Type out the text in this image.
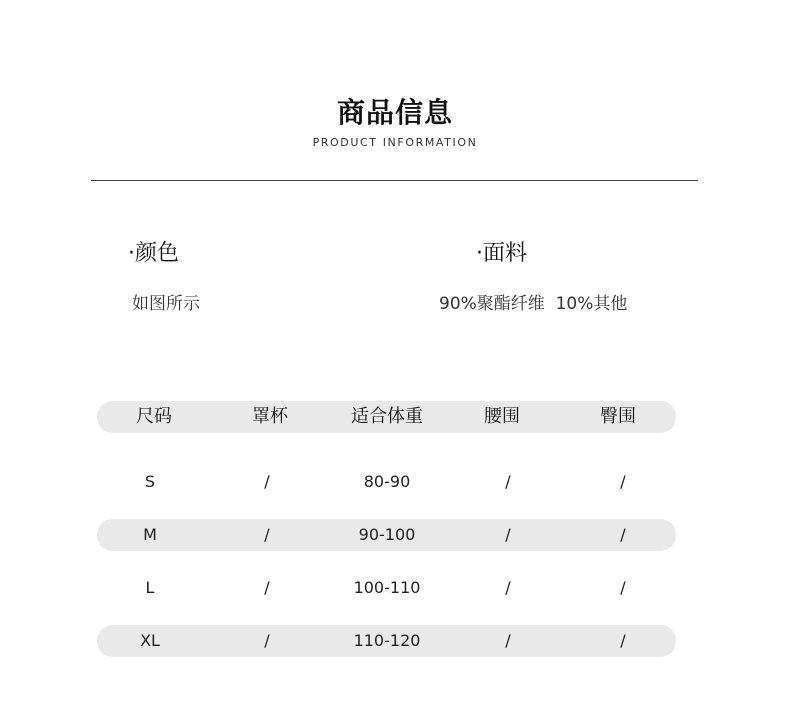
商品信息
PRODUCT INFORMATION
·颜色
如图所示
·面料
90%聚酯纤维  10%其他
尺码	罩杯	适合体重	腰围	臀围
S	/	80-90	/	/
M	/	90-100	/	/
L	/	100-110	/	/
XL	/	110-120	/	/
